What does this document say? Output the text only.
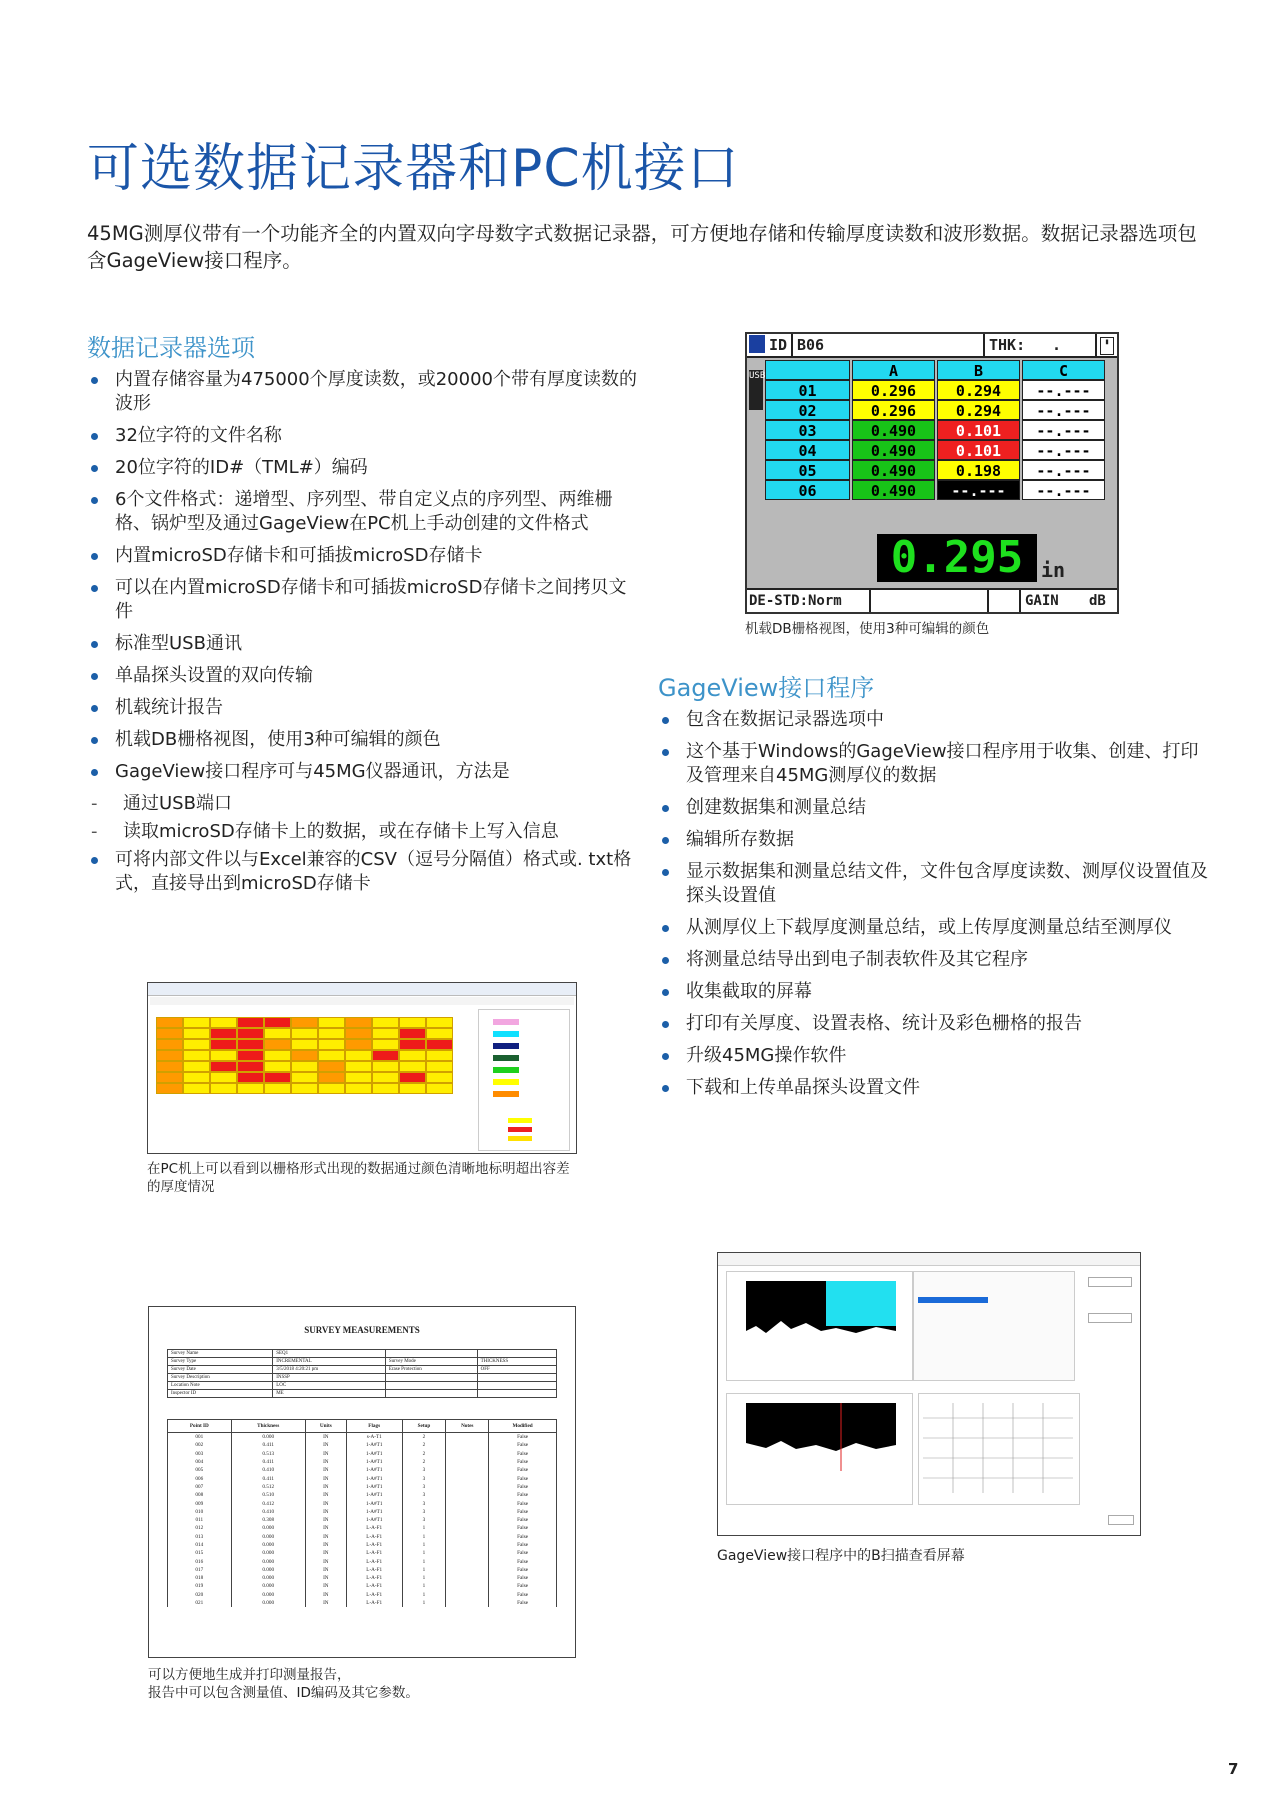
可选数据记录器和PC机接口
45MG测厚仪带有一个功能齐全的内置双向字母数字式数据记录器，可方便地存储和传输厚度读数和波形数据。数据记录器选项包含GageView接口程序。
数据记录器选项
内置存储容量为475000个厚度读数，或20000个带有厚度读数的波形
32位字符的文件名称
20位字符的ID#（TML#）编码
6个文件格式：递增型、序列型、带自定义点的序列型、两维栅格、锅炉型及通过GageView在PC机上手动创建的文件格式
内置microSD存储卡和可插拔microSD存储卡
可以在内置microSD存储卡和可插拔microSD存储卡之间拷贝文件
标准型USB通讯
单晶探头设置的双向传输
机载统计报告
机载DB栅格视图，使用3种可编辑的颜色
GageView接口程序可与45MG仪器通讯，方法是
- 通过USB端口
- 读取microSD存储卡上的数据，或在存储卡上写入信息
可将内部文件以与Excel兼容的CSV（逗号分隔值）格式或. txt格式，直接导出到microSD存储卡
ID B06	THK: .	▮
USB	A	B	C
01	0.296	0.294	--.---
02	0.296	0.294	--.---
03	0.490	0.101	--.---
04	0.490	0.101	--.---
05	0.490	0.198	--.---
06	0.490	--.---	--.---
0.295 in
DE-STD:Norm	GAIN dB
机载DB栅格视图，使用3种可编辑的颜色
GageView接口程序
包含在数据记录器选项中
这个基于Windows的GageView接口程序用于收集、创建、打印及管理来自45MG测厚仪的数据
创建数据集和测量总结
编辑所存数据
显示数据集和测量总结文件，文件包含厚度读数、测厚仪设置值及探头设置值
从测厚仪上下载厚度测量总结，或上传厚度测量总结至测厚仪
将测量总结导出到电子制表软件及其它程序
收集截取的屏幕
打印有关厚度、设置表格、统计及彩色栅格的报告
升级45MG操作软件
下载和上传单晶探头设置文件
在PC机上可以看到以栅格形式出现的数据通过颜色清晰地标明超出容差的厚度情况
GageView接口程序中的B扫描查看屏幕
SURVEY MEASUREMENTS
Survey Name	SEQ1		
Survey Type	INCREMENTAL	Survey Mode	THICKNESS
Survey Date	3/5/2018 4:20:21 pm	Erase Protection	OFF
Survey Description	INSSP		
Location Note	LOC		
Inspector ID	ME		
Point ID	Thickness	Units	Flags	Setup	Notes	Modified
001	0.000	IN	s-A-T1	2		False
002	0.411	IN	1-A#T1	2		False
003	0.513	IN	1-A#T1	2		False
004	0.411	IN	1-A#T1	2		False
005	0.410	IN	1-A#T1	3		False
006	0.411	IN	1-A#T1	3		False
007	0.512	IN	1-A#T1	3		False
008	0.510	IN	1-A#T1	3		False
009	0.412	IN	1-A#T1	3		False
010	0.410	IN	1-A#T1	3		False
011	0.308	IN	1-A#T1	3		False
012	0.000	IN	L-A-F1	1		False
013	0.000	IN	L-A-F1	1		False
014	0.000	IN	L-A-F1	1		False
015	0.000	IN	L-A-F1	1		False
016	0.000	IN	L-A-F1	1		False
017	0.000	IN	L-A-F1	1		False
018	0.000	IN	L-A-F1	1		False
019	0.000	IN	L-A-F1	1		False
020	0.000	IN	L-A-F1	1		False
021	0.000	IN	L-A-F1	1		False
可以方便地生成并打印测量报告，
报告中可以包含测量值、ID编码及其它参数。
7
